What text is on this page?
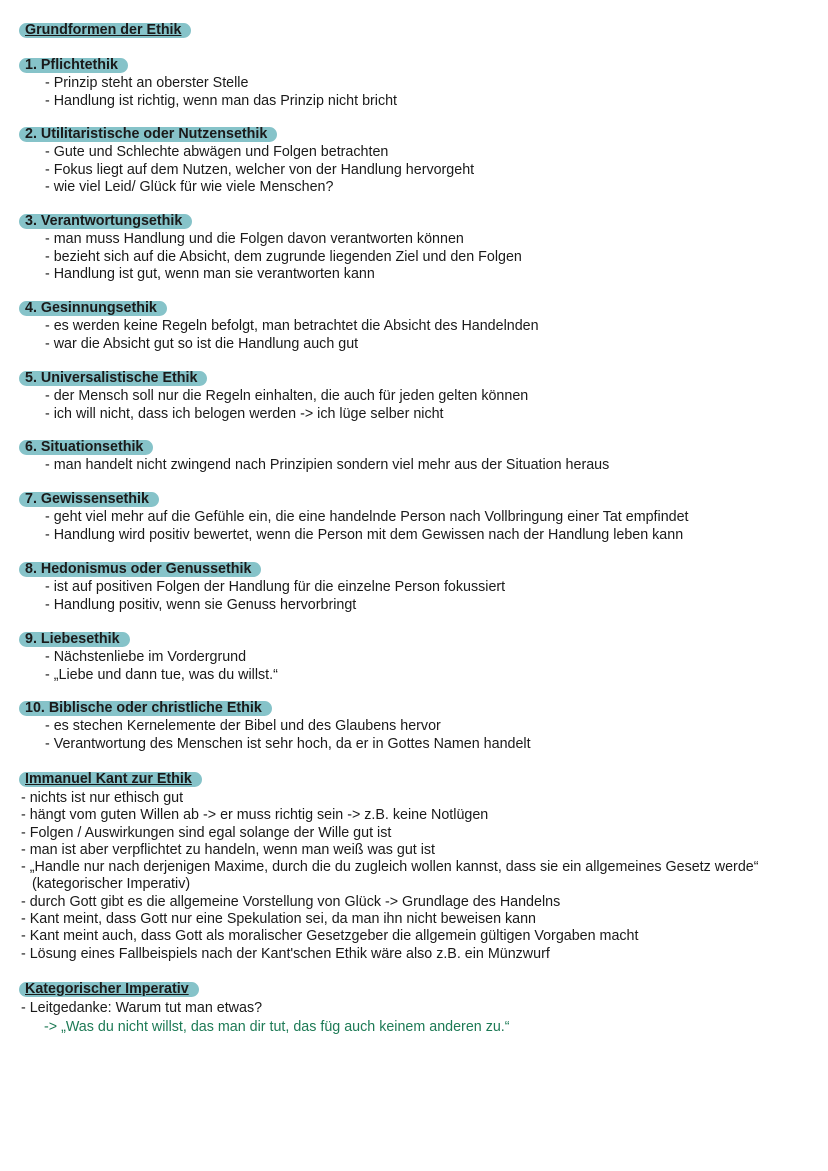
Grundformen der Ethik
1. Pflichtethik
- Prinzip steht an oberster Stelle
- Handlung ist richtig, wenn man das Prinzip nicht bricht
2. Utilitaristische oder Nutzensethik
- Gute und Schlechte abwägen und Folgen betrachten
- Fokus liegt auf dem Nutzen, welcher von der Handlung hervorgeht
- wie viel Leid/ Glück für wie viele Menschen?
3. Verantwortungsethik
- man muss Handlung und die Folgen davon verantworten können
- bezieht sich auf die Absicht, dem zugrunde liegenden Ziel und den Folgen
- Handlung ist gut, wenn man sie verantworten kann
4. Gesinnungsethik
- es werden keine Regeln befolgt, man betrachtet die Absicht des Handelnden
- war die Absicht gut so ist die Handlung auch gut
5. Universalistische Ethik
- der Mensch soll nur die Regeln einhalten, die auch für jeden gelten können
- ich will nicht, dass ich belogen werden -> ich lüge selber nicht
6. Situationsethik
- man handelt nicht zwingend nach Prinzipien sondern viel mehr aus der Situation heraus
7. Gewissensethik
- geht viel mehr auf die Gefühle ein, die eine handelnde Person nach Vollbringung einer Tat empfindet
- Handlung wird positiv bewertet, wenn die Person mit dem Gewissen nach der Handlung leben kann
8. Hedonismus oder Genussethik
- ist auf positiven Folgen der Handlung für die einzelne Person fokussiert
- Handlung positiv, wenn sie Genuss hervorbringt
9. Liebesethik
- Nächstenliebe im Vordergrund
- „Liebe und dann tue, was du willst.“
10. Biblische oder christliche Ethik
- es stechen Kernelemente der Bibel und des Glaubens hervor
- Verantwortung des Menschen ist sehr hoch, da er in Gottes Namen handelt
Immanuel Kant zur Ethik
- nichts ist nur ethisch gut
- hängt vom guten Willen ab -> er muss richtig sein -> z.B. keine Notlügen
- Folgen / Auswirkungen sind egal solange der Wille gut ist
- man ist aber verpflichtet zu handeln, wenn man weiß was gut ist
- „Handle nur nach derjenigen Maxime, durch die du zugleich wollen kannst, dass sie ein allgemeines Gesetz werde“ (kategorischer Imperativ)
- durch Gott gibt es die allgemeine Vorstellung von Glück -> Grundlage des Handelns
- Kant meint, dass Gott nur eine Spekulation sei, da man ihn nicht beweisen kann
- Kant meint auch, dass Gott als moralischer Gesetzgeber die allgemein gültigen Vorgaben macht
- Lösung eines Fallbeispiels nach der Kant'schen Ethik wäre also z.B. ein Münzwurf
Kategorischer Imperativ
- Leitgedanke: Warum tut man etwas?
-> „Was du nicht willst, das man dir tut, das füg auch keinem anderen zu.“
